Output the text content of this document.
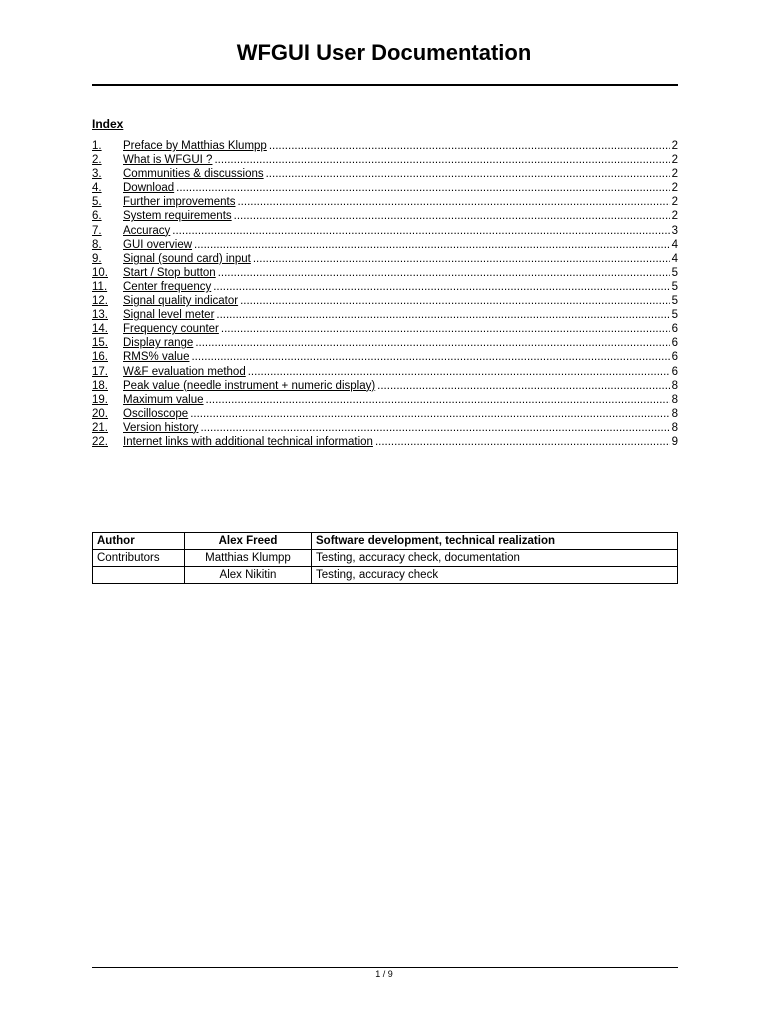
WFGUI User Documentation
Index
1.	Preface by Matthias Klumpp .....	2
2.	What is WFGUI ? .....	2
3.	Communities & discussions .....	2
4.	Download .....	2
5.	Further improvements .....	2
6.	System requirements .....	2
7.	Accuracy .....	3
8.	GUI overview .....	4
9.	Signal (sound card) input .....	4
10.	Start / Stop button .....	5
11.	Center frequency .....	5
12.	Signal quality indicator .....	5
13.	Signal level meter .....	5
14.	Frequency counter .....	6
15.	Display range .....	6
16.	RMS% value .....	6
17.	W&F evaluation method .....	6
18.	Peak value (needle instrument + numeric display) .....	8
19.	Maximum value .....	8
20.	Oscilloscope .....	8
21.	Version history .....	8
22.	Internet links with additional technical information .....	9
Author	Alex Freed	Software development, technical realization
Contributors	Matthias Klumpp	Testing, accuracy check, documentation
	Alex Nikitin	Testing, accuracy check
1 / 9
